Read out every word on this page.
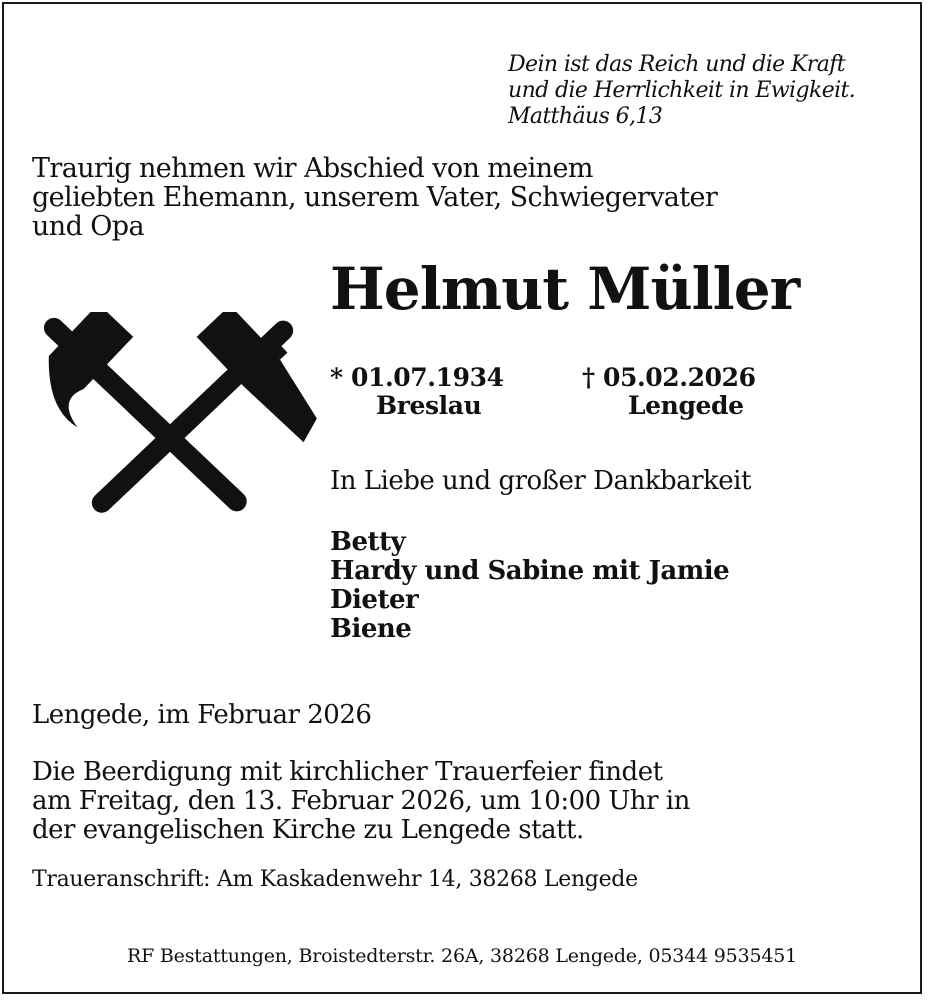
Dein ist das Reich und die Kraft
und die Herrlichkeit in Ewigkeit.
Matthäus 6,13
Traurig nehmen wir Abschied von meinem
geliebten Ehemann, unserem Vater, Schwiegervater
und Opa
Helmut Müller
* 01.07.1934
Breslau
† 05.02.2026
Lengede
In Liebe und großer Dankbarkeit
Betty
Hardy und Sabine mit Jamie
Dieter
Biene
Lengede, im Februar 2026
Die Beerdigung mit kirchlicher Trauerfeier findet
am Freitag, den 13. Februar 2026, um 10:00 Uhr in
der evangelischen Kirche zu Lengede statt.
Traueranschrift: Am Kaskadenwehr 14, 38268 Lengede
RF Bestattungen, Broistedterstr. 26A, 38268 Lengede, 05344 9535451
